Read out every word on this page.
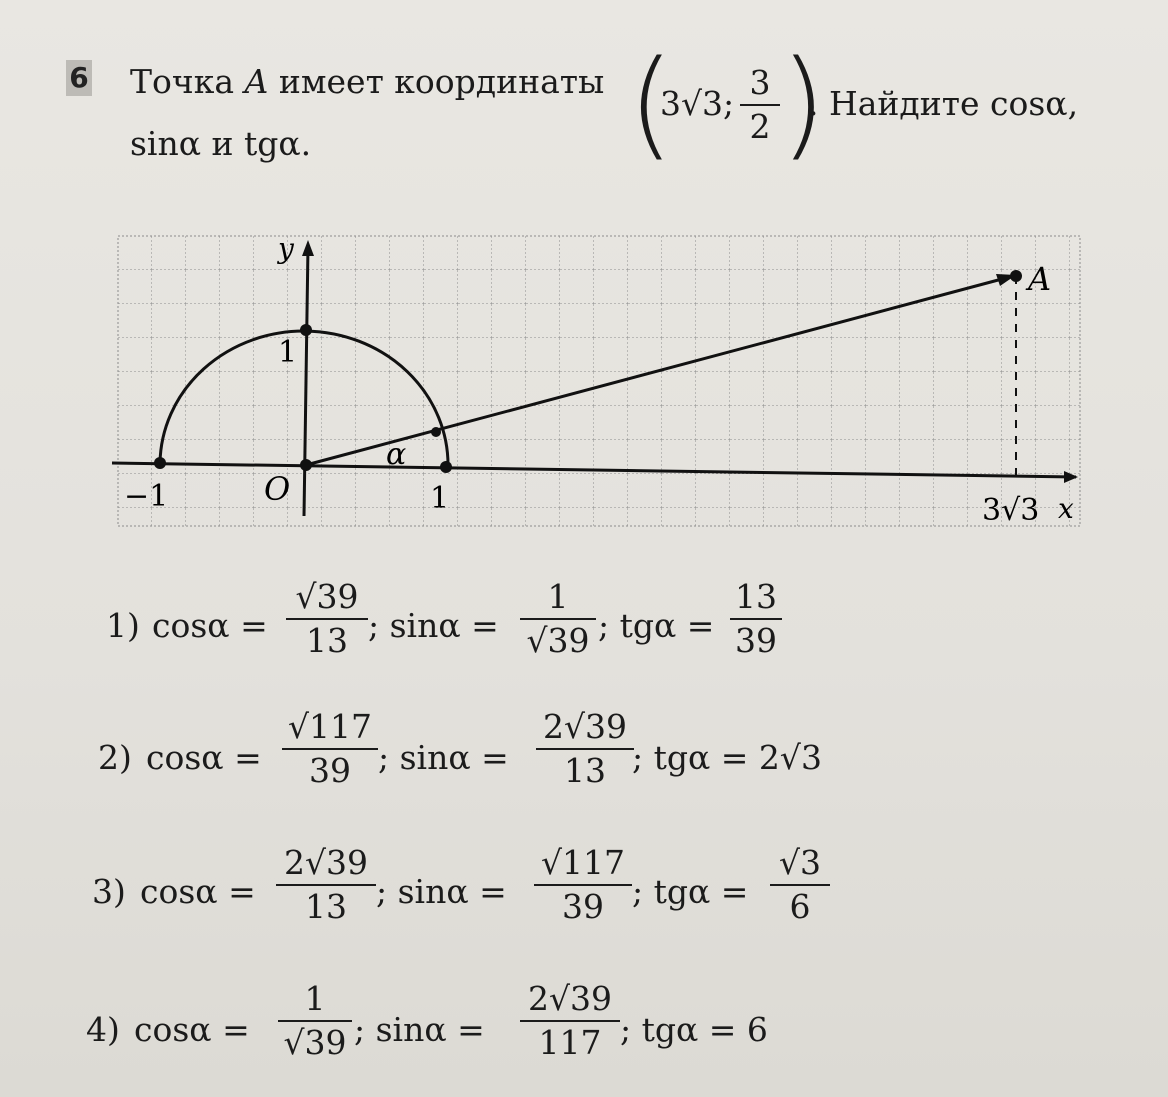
6 Точка A имеет координаты (
3√3;
3
2 )
. Найдите cosα,
sinα и tgα.
y
x
O
−1	1
1
α
A
3√3
1) cosα =
√39
13 ; sinα =
1
√39 ; tgα =
13
39
2) cosα =
√117
39 ; sinα =
2√39
13 ; tgα = 2√3
3) cosα =
2√39
13 ; sinα =
√117
39 ; tgα =
√3
6
4) cosα =
1
√39 ; sinα =
2√39
117 ; tgα = 6
